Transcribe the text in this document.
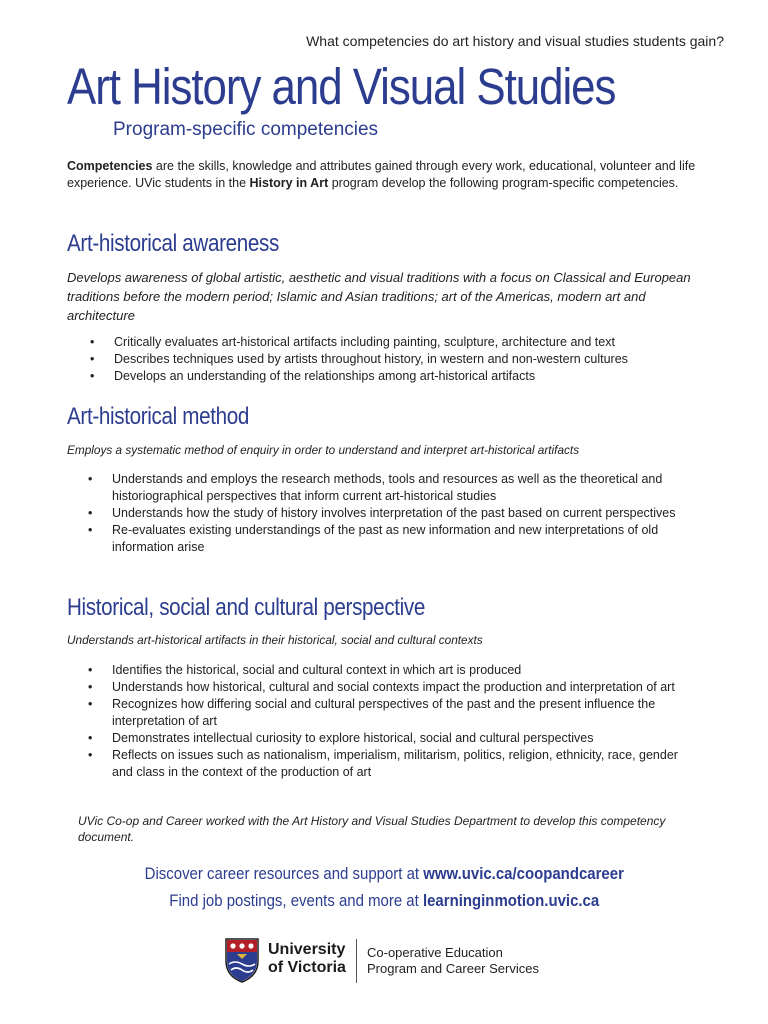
What competencies do art history and visual studies students gain?
Art History and Visual Studies
Program-specific competencies
Competencies are the skills, knowledge and attributes gained through every work, educational, volunteer and life experience. UVic students in the History in Art program develop the following program-specific competencies.
Art-historical awareness
Develops awareness of global artistic, aesthetic and visual traditions with a focus on Classical and European traditions before the modern period; Islamic and Asian traditions; art of the Americas, modern art and architecture
• Critically evaluates art-historical artifacts including painting, sculpture, architecture and text
• Describes techniques used by artists throughout history, in western and non-western cultures
• Develops an understanding of the relationships among art-historical artifacts
Art-historical method
Employs a systematic method of enquiry in order to understand and interpret art-historical artifacts
• Understands and employs the research methods, tools and resources as well as the theoretical and historiographical perspectives that inform current art-historical studies
• Understands how the study of history involves interpretation of the past based on current perspectives
• Re-evaluates existing understandings of the past as new information and new interpretations of old information arise
Historical, social and cultural perspective
Understands art-historical artifacts in their historical, social and cultural contexts
• Identifies the historical, social and cultural context in which art is produced
• Understands how historical, cultural and social contexts impact the production and interpretation of art
• Recognizes how differing social and cultural perspectives of the past and the present influence the interpretation of art
• Demonstrates intellectual curiosity to explore historical, social and cultural perspectives
• Reflects on issues such as nationalism, imperialism, militarism, politics, religion, ethnicity, race, gender and class in the context of the production of art
UVic Co-op and Career worked with the Art History and Visual Studies Department to develop this competency document.
Discover career resources and support at www.uvic.ca/coopandcareer
Find job postings, events and more at learninginmotion.uvic.ca
University
of Victoria
Co-operative Education
Program and Career Services
